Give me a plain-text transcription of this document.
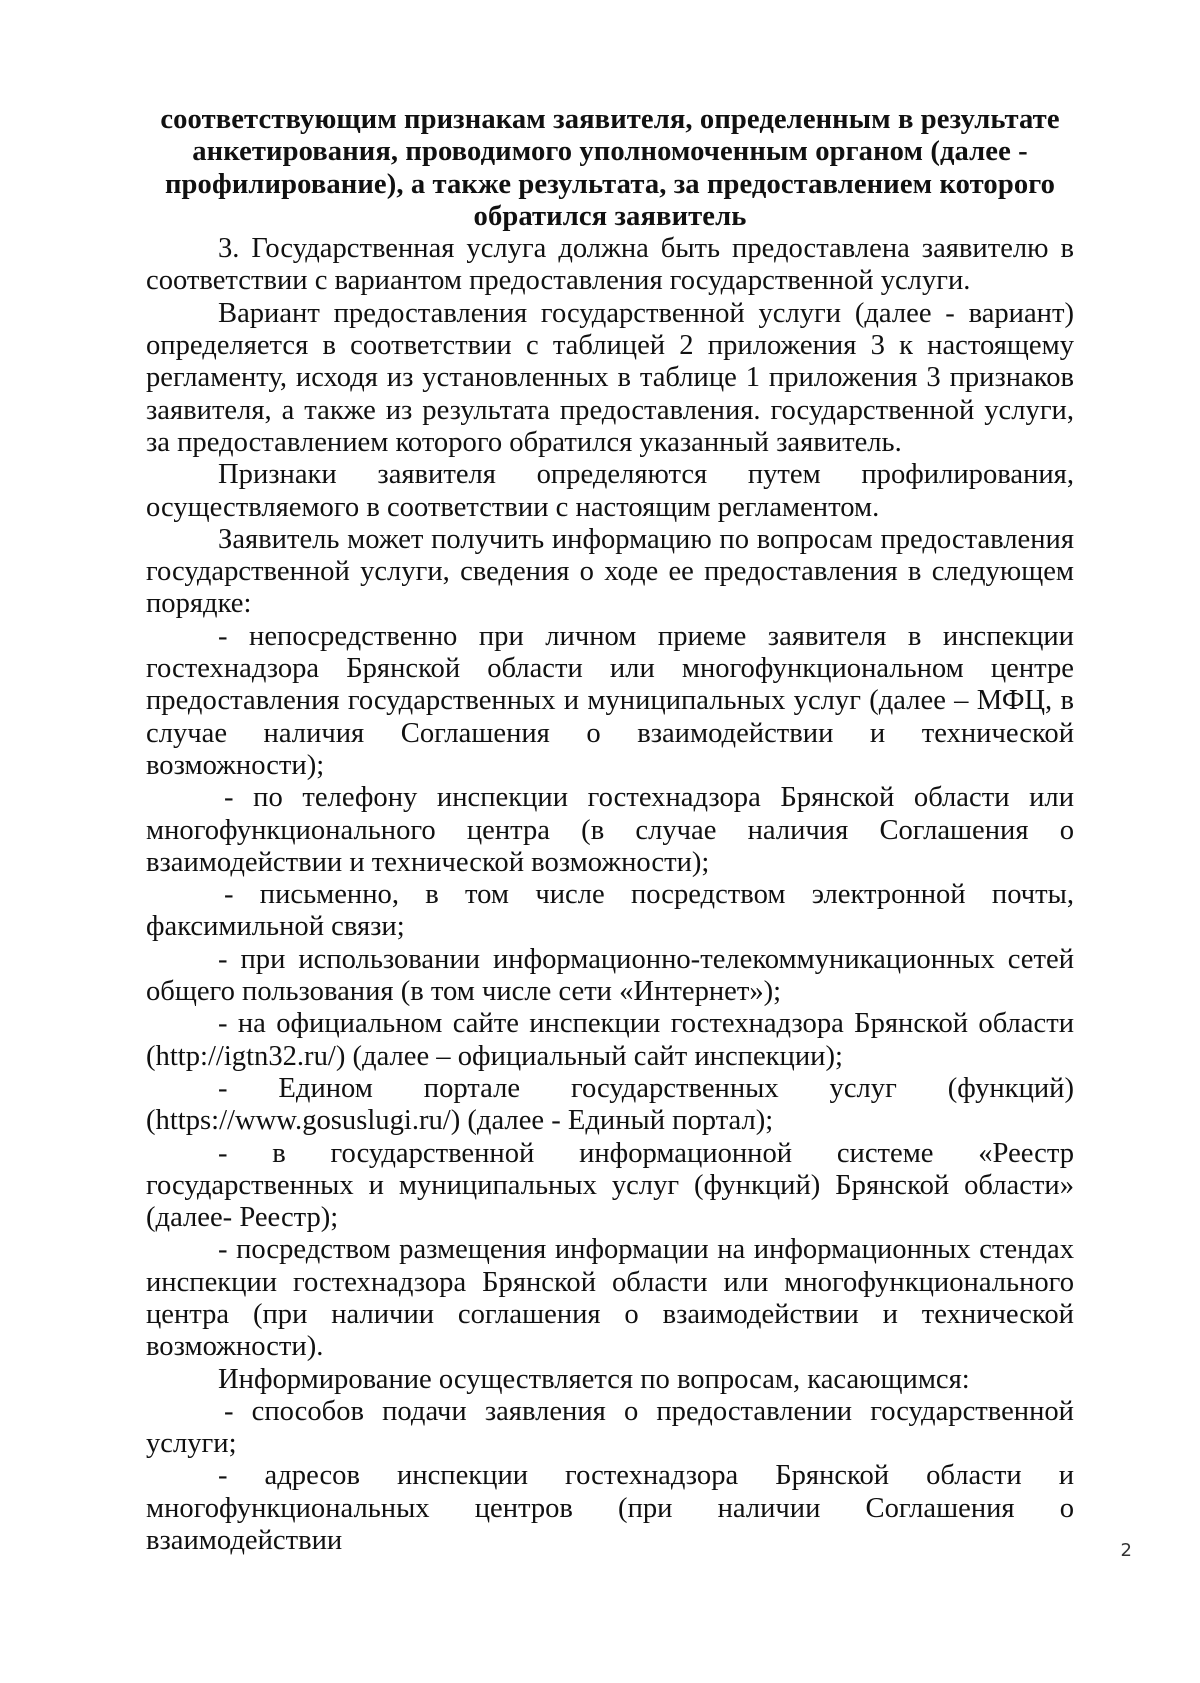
соответствующим признакам заявителя, определенным в результате анкетирования, проводимого уполномоченным органом (далее - профилирование), а также результата, за предоставлением которого обратился заявитель

3. Государственная услуга должна быть предоставлена заявителю в соответствии с вариантом предоставления государственной услуги.

Вариант предоставления государственной услуги (далее - вариант) определяется в соответствии с таблицей 2 приложения 3 к настоящему регламенту, исходя из установленных в таблице 1 приложения 3 признаков заявителя, а также из результата предоставления. государственной услуги, за предоставлением которого обратился указанный заявитель.

Признаки заявителя определяются путем профилирования, осуществляемого в соответствии с настоящим регламентом.

Заявитель может получить информацию по вопросам предоставления государственной услуги, сведения о ходе ее предоставления в следующем порядке:

- непосредственно при личном приеме заявителя в инспекции гостехнадзора Брянской области или многофункциональном центре предоставления государственных и муниципальных услуг (далее – МФЦ, в случае наличия Соглашения о взаимодействии и технической возможности);

- по телефону инспекции гостехнадзора Брянской области или многофункционального центра (в случае наличия Соглашения о взаимодействии и технической возможности);

- письменно, в том числе посредством электронной почты, факсимильной связи;

- при использовании информационно-телекоммуникационных сетей общего пользования (в том числе сети «Интернет»);

- на официальном сайте инспекции гостехнадзора Брянской области (http://igtn32.ru/) (далее – официальный сайт инспекции);

- Едином портале государственных услуг (функций) (https://www.gosuslugi.ru/) (далее - Единый портал);

- в государственной информационной системе «Реестр государственных и муниципальных услуг (функций) Брянской области» (далее- Реестр);

- посредством размещения информации на информационных стендах инспекции гостехнадзора Брянской области или многофункционального центра (при наличии соглашения о взаимодействии и технической возможности).

Информирование осуществляется по вопросам, касающимся:

- способов подачи заявления о предоставлении государственной услуги;

- адресов инспекции гостехнадзора Брянской области и многофункциональных центров (при наличии Соглашения о взаимодействии	2
